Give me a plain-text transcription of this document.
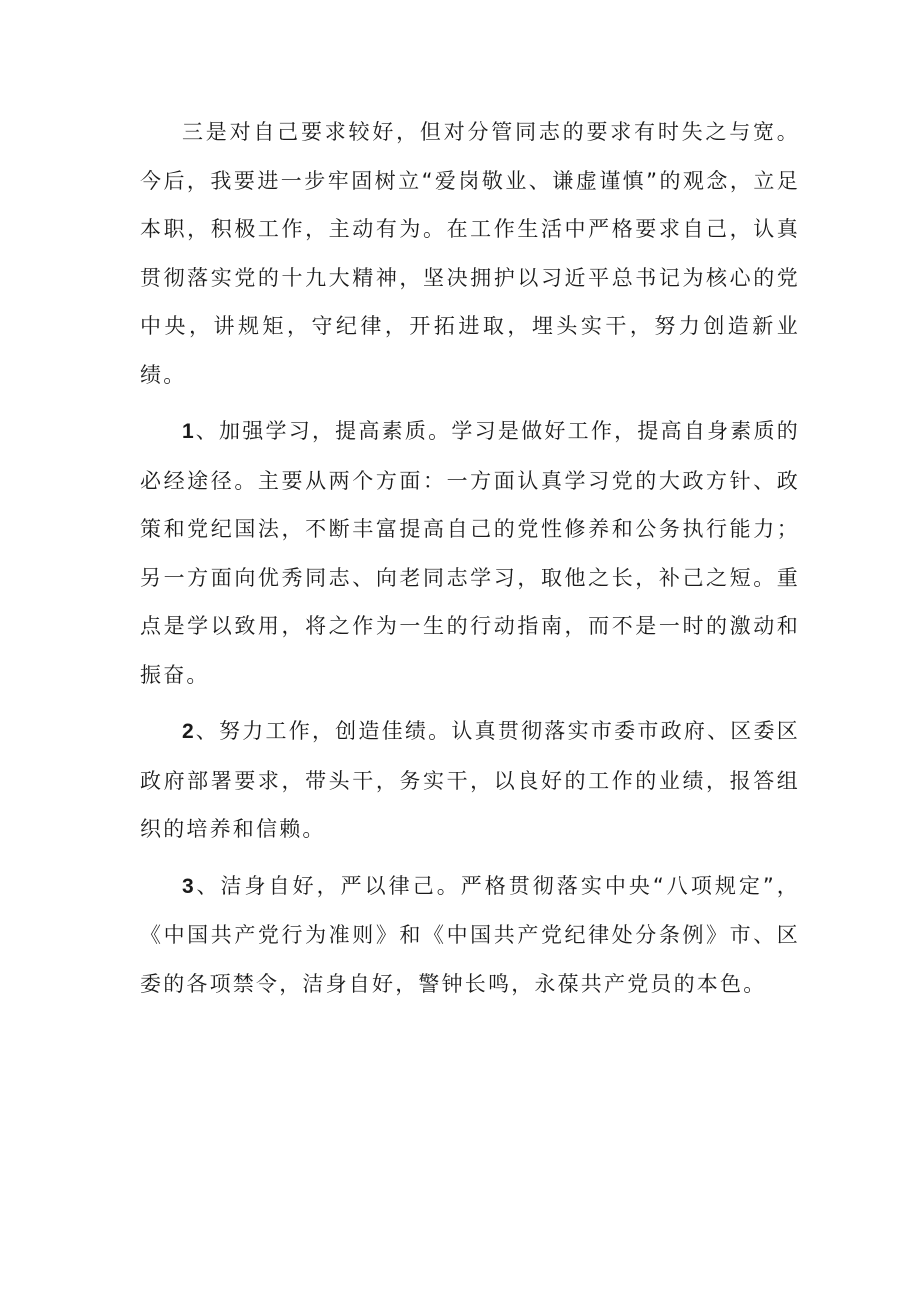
三是对自己要求较好，但对分管同志的要求有时失之与宽。今后，我要进一步牢固树立“爱岗敬业、谦虚谨慎”的观念，立足本职，积极工作，主动有为。在工作生活中严格要求自己，认真贯彻落实党的十九大精神，坚决拥护以习近平总书记为核心的党中央，讲规矩，守纪律，开拓进取，埋头实干，努力创造新业绩。

1、加强学习，提高素质。学习是做好工作，提高自身素质的必经途径。主要从两个方面：一方面认真学习党的大政方针、政策和党纪国法，不断丰富提高自己的党性修养和公务执行能力；另一方面向优秀同志、向老同志学习，取他之长，补己之短。重点是学以致用，将之作为一生的行动指南，而不是一时的激动和振奋。

2、努力工作，创造佳绩。认真贯彻落实市委市政府、区委区政府部署要求，带头干，务实干，以良好的工作的业绩，报答组织的培养和信赖。

3、洁身自好，严以律己。严格贯彻落实中央“八项规定”，《中国共产党行为准则》和《中国共产党纪律处分条例》市、区委的各项禁令，洁身自好，警钟长鸣，永葆共产党员的本色。
